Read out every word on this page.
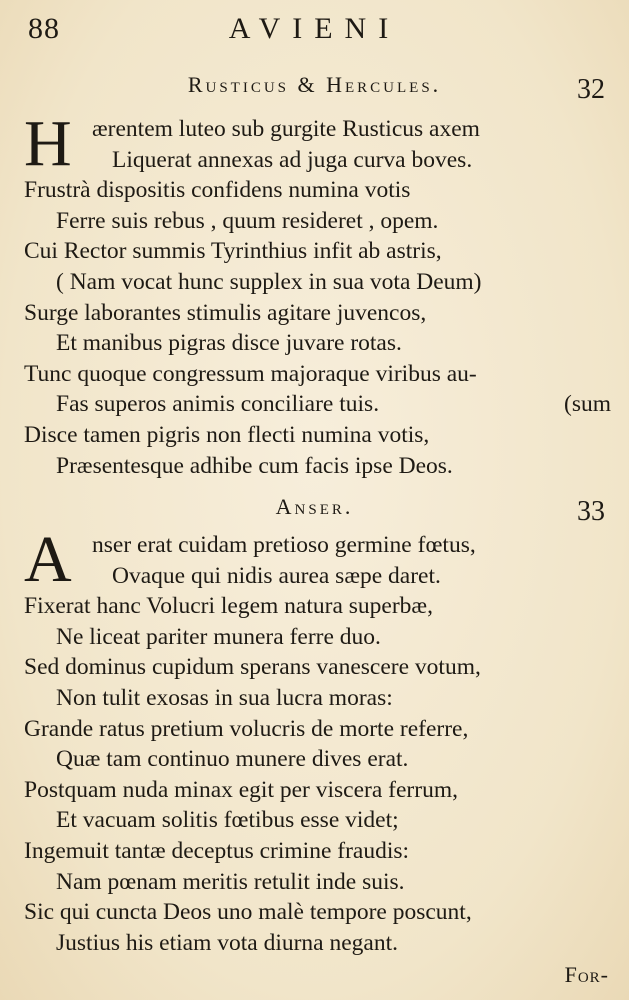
88	AVIENI
Rusticus & Hercules.	32
H ærentem luteo sub gurgite Rusticus axem
Liquerat annexas ad juga curva boves.
Frustrà dispositis confidens numina votis
Ferre suis rebus , quum resideret , opem.
Cui Rector summis Tyrinthius infit ab astris,
( Nam vocat hunc supplex in sua vota Deum)
Surge laborantes stimulis agitare juvencos,
Et manibus pigras disce juvare rotas.
Tunc quoque congressum majoraque viribus au-
Fas superos animis conciliare tuis.	(sum
Disce tamen pigris non flecti numina votis,
Præsentesque adhibe cum facis ipse Deos.
Anser.	33
A nser erat cuidam pretioso germine fœtus,
Ovaque qui nidis aurea sæpe daret.
Fixerat hanc Volucri legem natura superbæ,
Ne liceat pariter munera ferre duo.
Sed dominus cupidum sperans vanescere votum,
Non tulit exosas in sua lucra moras:
Grande ratus pretium volucris de morte referre,
Quæ tam continuo munere dives erat.
Postquam nuda minax egit per viscera ferrum,
Et vacuam solitis fœtibus esse videt;
Ingemuit tantæ deceptus crimine fraudis:
Nam pœnam meritis retulit inde suis.
Sic qui cuncta Deos uno malè tempore poscunt,
Justius his etiam vota diurna negant.
For-
